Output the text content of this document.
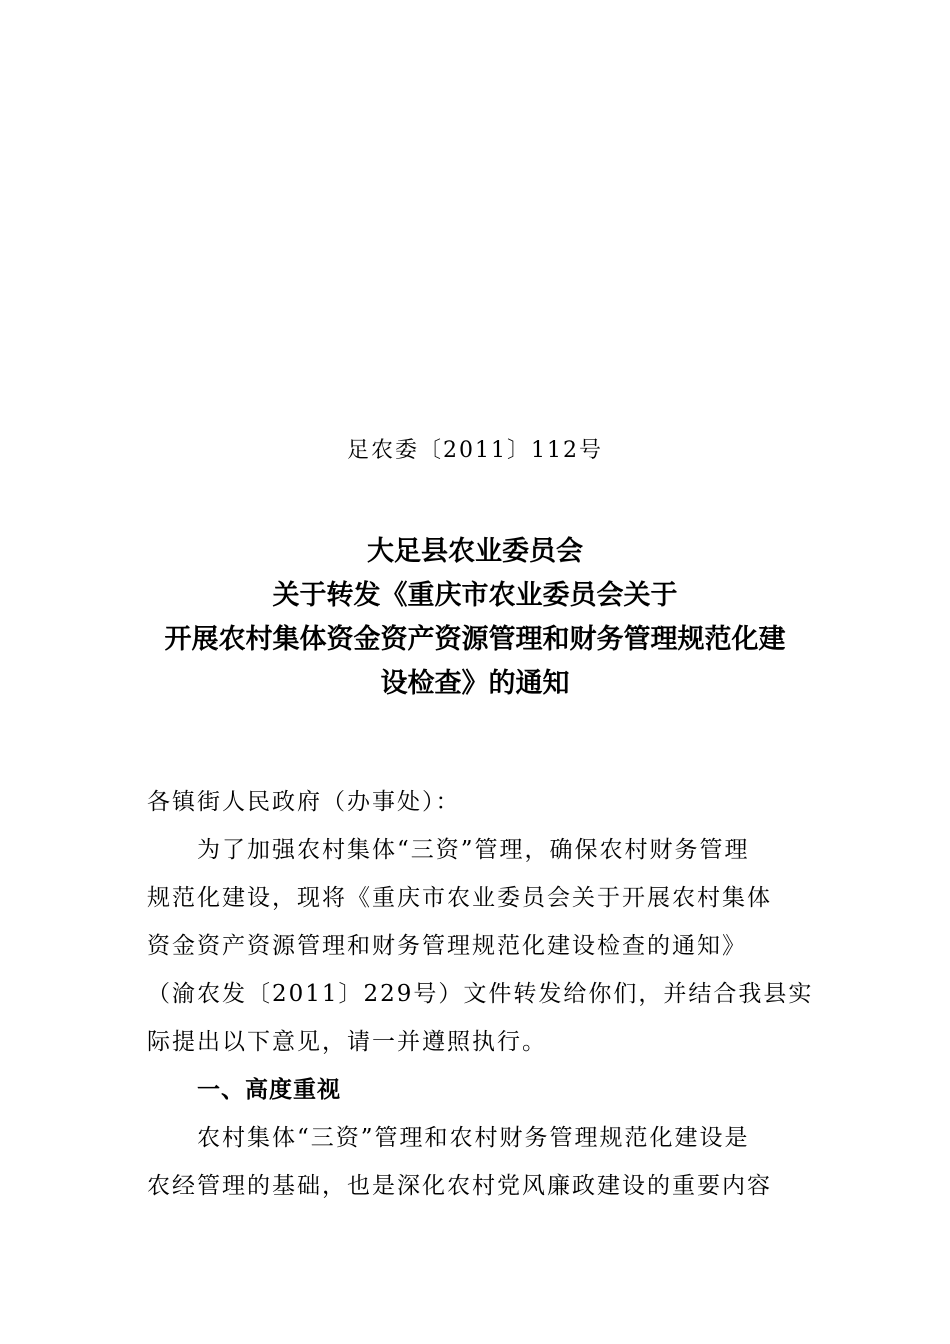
足农委〔2011〕112号
大足县农业委员会
关于转发《重庆市农业委员会关于
开展农村集体资金资产资源管理和财务管理规范化建
设检查》的通知
各镇街人民政府（办事处）：
为了加强农村集体“三资”管理，确保农村财务管理
规范化建设，现将《重庆市农业委员会关于开展农村集体
资金资产资源管理和财务管理规范化建设检查的通知》
（渝农发〔2011〕229号）文件转发给你们，并结合我县实
际提出以下意见，请一并遵照执行。
一、高度重视
农村集体“三资”管理和农村财务管理规范化建设是
农经管理的基础，也是深化农村党风廉政建设的重要内容
